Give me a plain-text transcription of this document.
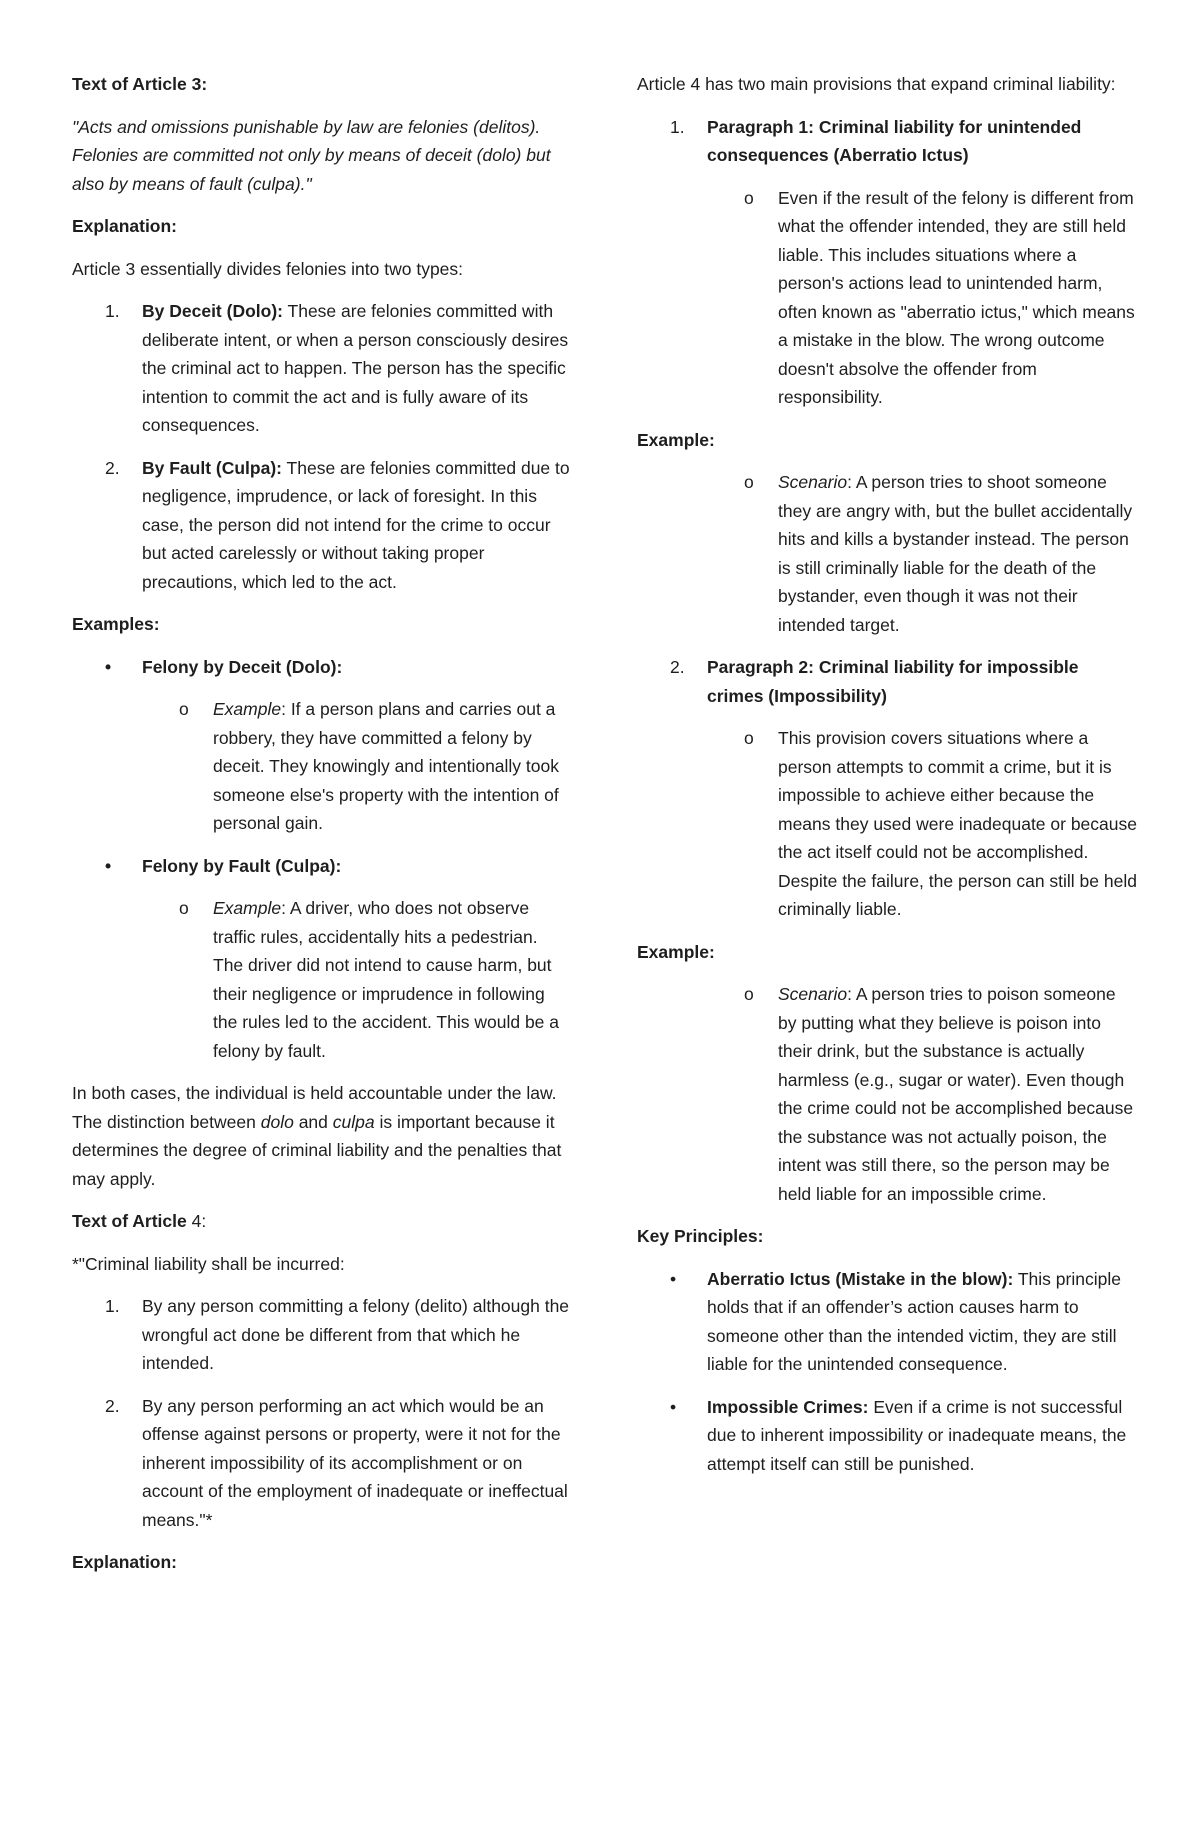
Text of Article 3:

"Acts and omissions punishable by law are felonies (delitos). Felonies are committed not only by means of deceit (dolo) but also by means of fault (culpa)."

Explanation:

Article 3 essentially divides felonies into two types:

1. By Deceit (Dolo): These are felonies committed with deliberate intent, or when a person consciously desires the criminal act to happen. The person has the specific intention to commit the act and is fully aware of its consequences.
2. By Fault (Culpa): These are felonies committed due to negligence, imprudence, or lack of foresight. In this case, the person did not intend for the crime to occur but acted carelessly or without taking proper precautions, which led to the act.

Examples:

• Felony by Deceit (Dolo):
o Example: If a person plans and carries out a robbery, they have committed a felony by deceit. They knowingly and intentionally took someone else's property with the intention of personal gain.
• Felony by Fault (Culpa):
o Example: A driver, who does not observe traffic rules, accidentally hits a pedestrian. The driver did not intend to cause harm, but their negligence or imprudence in following the rules led to the accident. This would be a felony by fault.

In both cases, the individual is held accountable under the law. The distinction between dolo and culpa is important because it determines the degree of criminal liability and the penalties that may apply.

Text of Article 4:

*"Criminal liability shall be incurred:

1. By any person committing a felony (delito) although the wrongful act done be different from that which he intended.
2. By any person performing an act which would be an offense against persons or property, were it not for the inherent impossibility of its accomplishment or on account of the employment of inadequate or ineffectual means."*

Explanation:

Article 4 has two main provisions that expand criminal liability:

1. Paragraph 1: Criminal liability for unintended consequences (Aberratio Ictus)
o Even if the result of the felony is different from what the offender intended, they are still held liable. This includes situations where a person's actions lead to unintended harm, often known as "aberratio ictus," which means a mistake in the blow. The wrong outcome doesn't absolve the offender from responsibility.

Example:

o Scenario: A person tries to shoot someone they are angry with, but the bullet accidentally hits and kills a bystander instead. The person is still criminally liable for the death of the bystander, even though it was not their intended target.
2. Paragraph 2: Criminal liability for impossible crimes (Impossibility)
o This provision covers situations where a person attempts to commit a crime, but it is impossible to achieve either because the means they used were inadequate or because the act itself could not be accomplished. Despite the failure, the person can still be held criminally liable.

Example:

o Scenario: A person tries to poison someone by putting what they believe is poison into their drink, but the substance is actually harmless (e.g., sugar or water). Even though the crime could not be accomplished because the substance was not actually poison, the intent was still there, so the person may be held liable for an impossible crime.

Key Principles:

• Aberratio Ictus (Mistake in the blow): This principle holds that if an offender’s action causes harm to someone other than the intended victim, they are still liable for the unintended consequence.
• Impossible Crimes: Even if a crime is not successful due to inherent impossibility or inadequate means, the attempt itself can still be punished.
